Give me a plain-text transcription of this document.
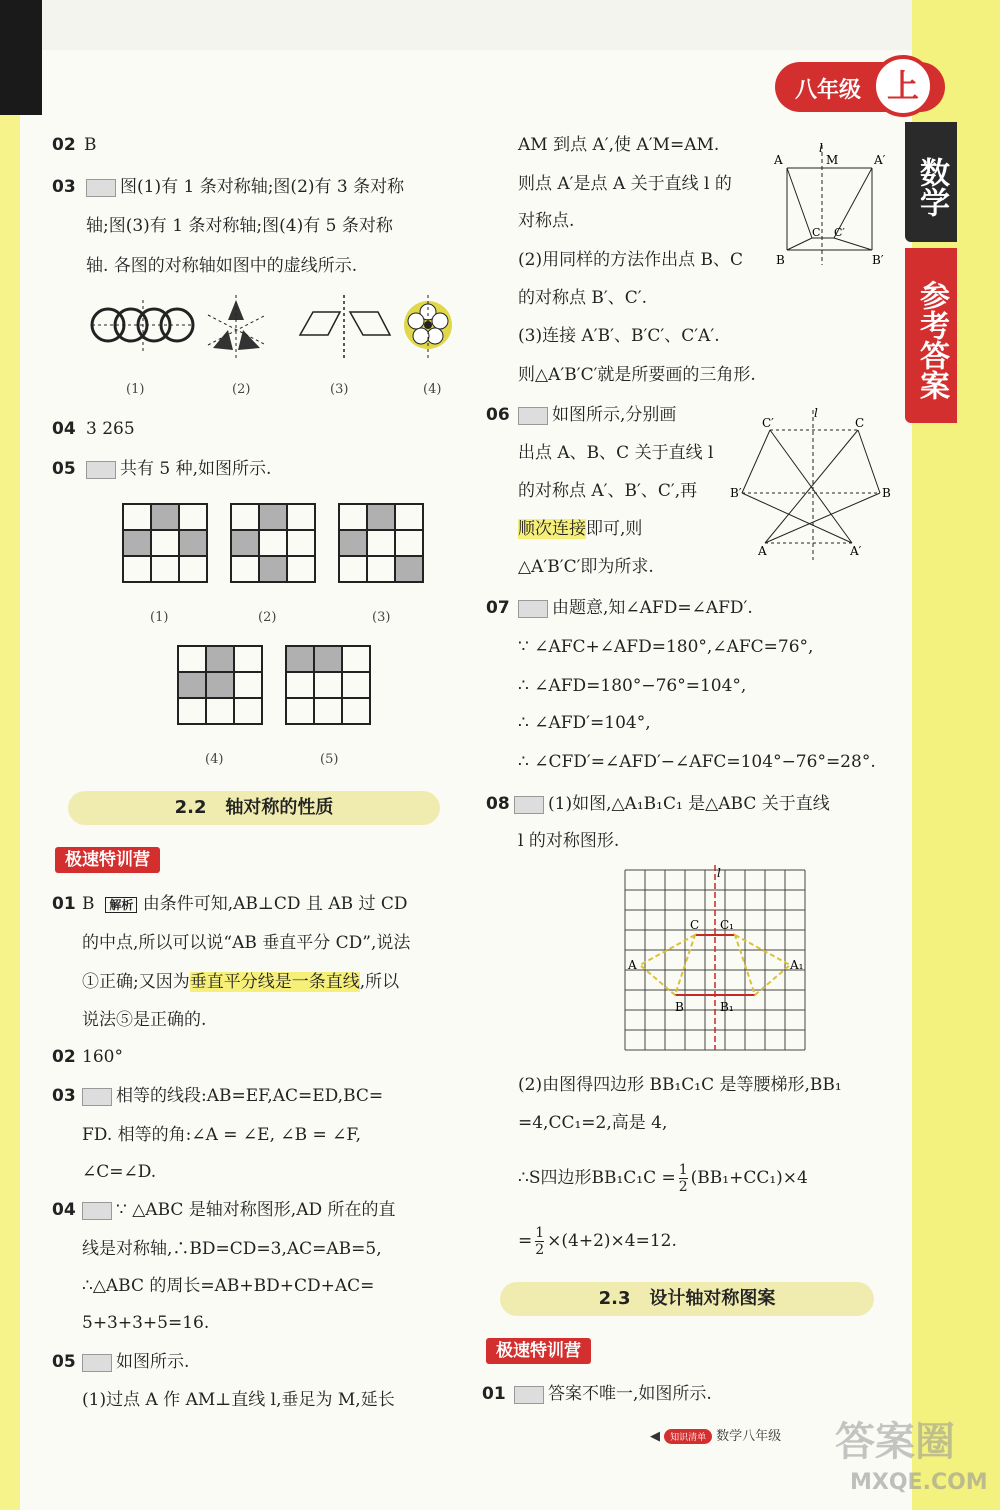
八年级 上
数学
参考答案
02 B
03	图(1)有 1 条对称轴;图(2)有 3 条对称
轴;图(3)有 1 条对称轴;图(4)有 5 条对称
轴. 各图的对称轴如图中的虚线所示.
(1)	(2)	(3)	(4)
04 3 265
05	共有 5 种,如图所示.
(1)	(2)	(3)
(4)	(5)
2.2 轴对称的性质
极速特训营
01 B 解析 由条件可知,AB⊥CD 且 AB 过 CD
的中点,所以可以说“AB 垂直平分 CD”,说法
①正确;又因为垂直平分线是一条直线,所以
说法⑤是正确的.
02 160°
03	相等的线段:AB=EF,AC=ED,BC=
FD. 相等的角:∠A = ∠E, ∠B = ∠F,
∠C=∠D.
04	∵ △ABC 是轴对称图形,AD 所在的直
线是对称轴,∴BD=CD=3,AC=AB=5,
∴△ABC 的周长=AB+BD+CD+AC=
5+3+3+5=16.
05	如图所示.
(1)过点 A 作 AM⊥直线 l,垂足为 M,延长
AM 到点 A′,使 A′M=AM.
则点 A′是点 A 关于直线 l 的
对称点.
(2)用同样的方法作出点 B、C
的对称点 B′、C′.
(3)连接 A′B′、B′C′、C′A′.
则△A′B′C′就是所要画的三角形.
l
M
A	A′
C C′
B	B′
06	如图所示,分别画
出点 A、B、C 关于直线 l
的对称点 A′、B′、C′,再
顺次连接即可,则
△A′B′C′即为所求.
l
C′	C
B′	B
A	A′
07	由题意,知∠AFD=∠AFD′.
∵ ∠AFC+∠AFD=180°,∠AFC=76°,
∴ ∠AFD=180°−76°=104°,
∴ ∠AFD′=104°,
∴ ∠CFD′=∠AFD′−∠AFC=104°−76°=28°.
08	(1)如图,△A₁B₁C₁ 是△ABC 关于直线
l 的对称图形.
l
C C₁
A	A₁
B	B₁
(2)由图得四边形 BB₁C₁C 是等腰梯形,BB₁
=4,CC₁=2,高是 4,
∴S四边形$BB_1C_1C = \frac{1}{2} (BB_1+CC_1)\times 4$
= $\frac{1}{2} \times(4+2)\times 4=12$.
2.3 设计轴对称图案
极速特训营
01	答案不唯一,如图所示.
◀ 知识清单 数学八年级 答案圈
MXQE.COM
